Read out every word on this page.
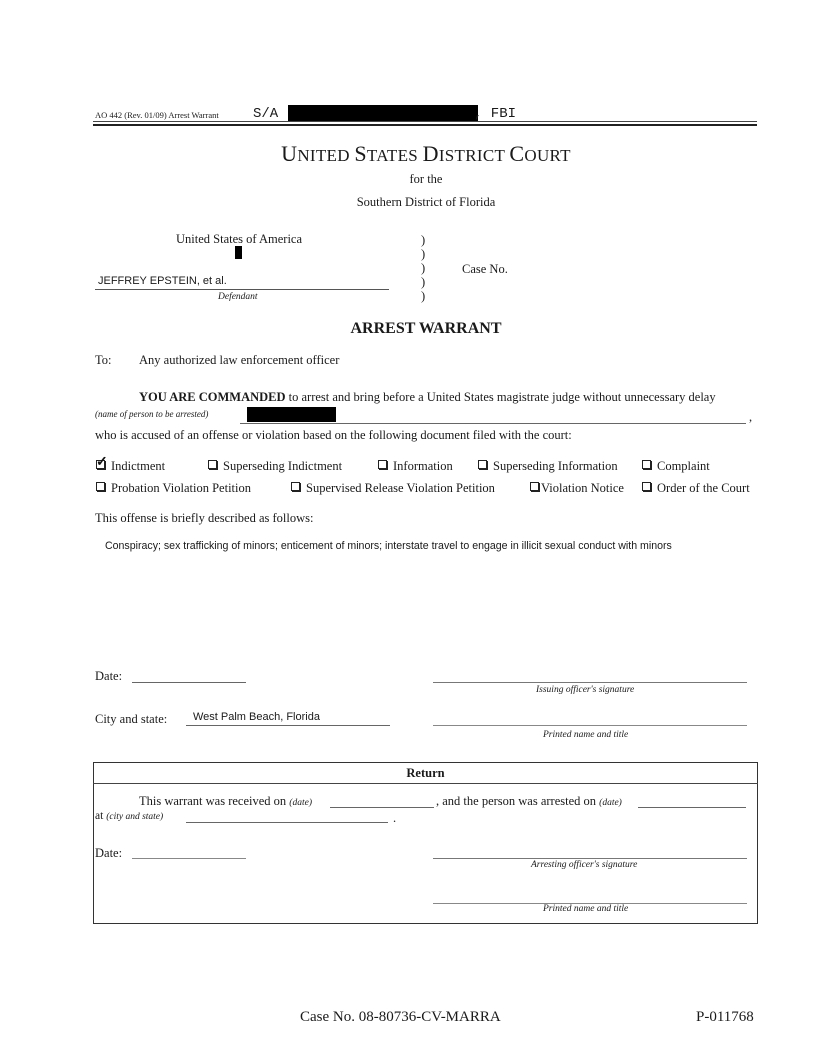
AO 442 (Rev. 01/09) Arrest Warrant S/A	, FBI
UNITED STATES DISTRICT COURT
for the
Southern District of Florida
United States of America
JEFFREY EPSTEIN, et al.
Defendant
)
)
)
)
)
Case No.
ARREST WARRANT
To: Any authorized law enforcement officer
YOU ARE COMMANDED to arrest and bring before a United States magistrate judge without unnecessary delay
(name of person to be arrested)	,
who is accused of an offense or violation based on the following document filed with the court:
✓Indictment	Superseding Indictment	Information	Superseding Information	Complaint
Probation Violation Petition	Supervised Release Violation Petition	Violation Notice	Order of the Court
This offense is briefly described as follows:
Conspiracy; sex trafficking of minors; enticement of minors; interstate travel to engage in illicit sexual conduct with minors
Date:
Issuing officer's signature
City and state: West Palm Beach, Florida
Printed name and title
Return
This warrant was received on (date)	, and the person was arrested on (date)
at (city and state)	.
Date:
Arresting officer's signature
Printed name and title
Case No. 08-80736-CV-MARRA	P-011768
